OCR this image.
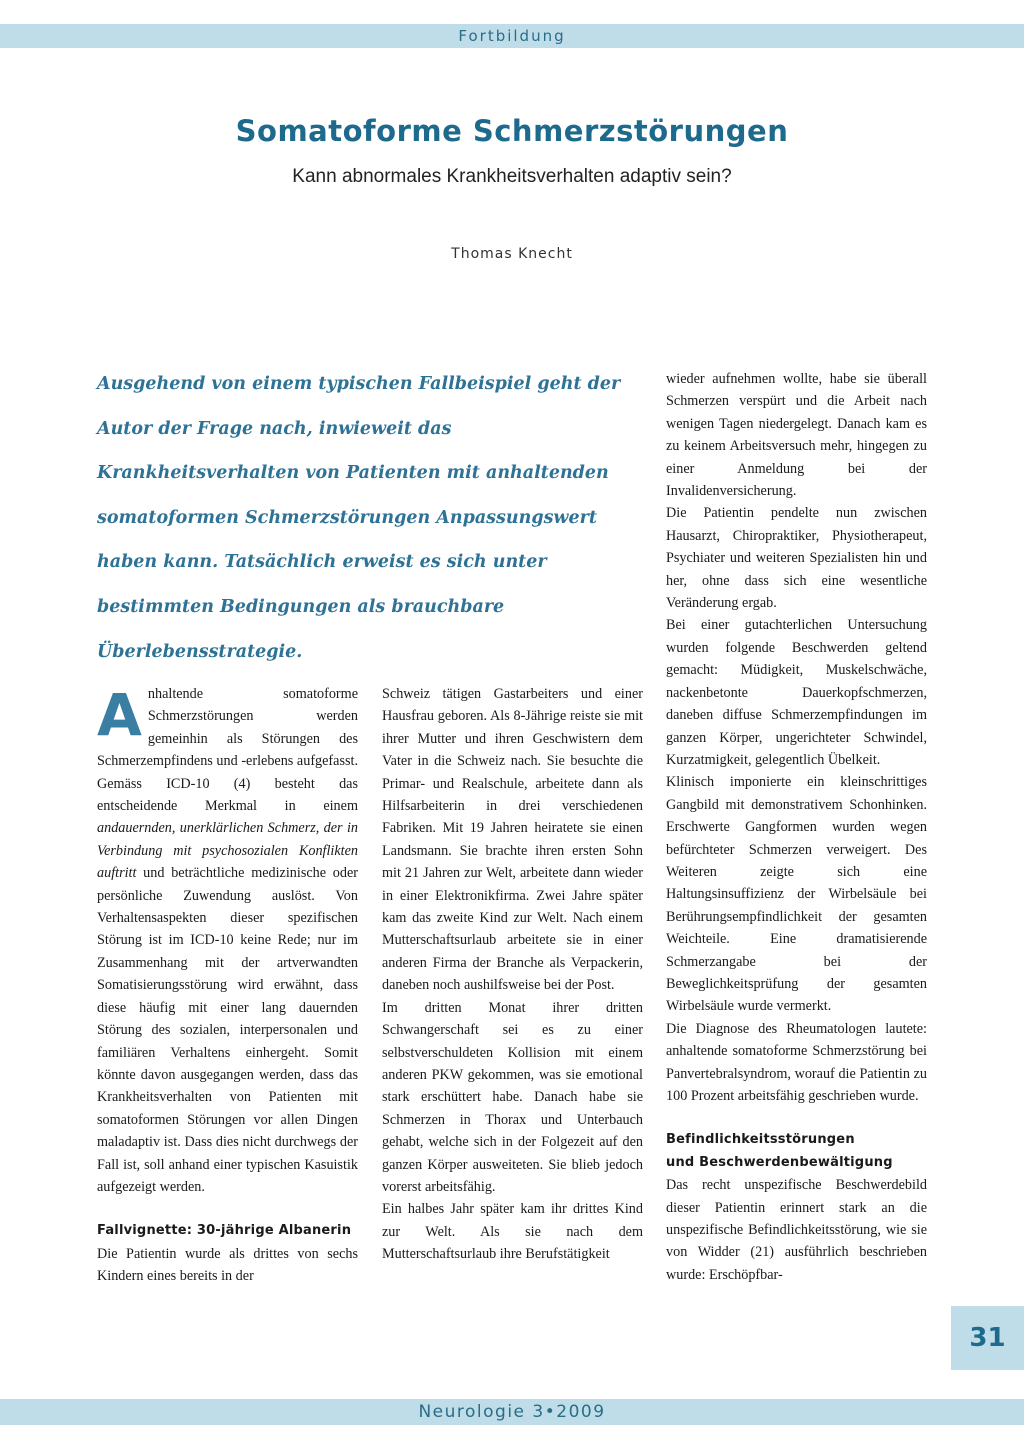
Fortbildung
Somatoforme Schmerzstörungen
Kann abnormales Krankheitsverhalten adaptiv sein?
Thomas Knecht
Ausgehend von einem typischen Fallbeispiel geht der Autor der Frage nach, inwieweit das Krankheitsverhalten von Patienten mit anhaltenden somatoformen Schmerzstörungen Anpassungswert haben kann. Tatsächlich erweist es sich unter bestimmten Bedingungen als brauchbare Überlebensstrategie.

Anhaltende somatoforme Schmerzstörungen werden gemeinhin als Störungen des Schmerzempfindens und -erlebens aufgefasst. Gemäss ICD-10 (4) besteht das entscheidende Merkmal in einem andauernden, unerklärlichen Schmerz, der in Verbindung mit psychosozialen Konflikten auftritt und beträchtliche medizinische oder persönliche Zuwendung auslöst. Von Verhaltensaspekten dieser spezifischen Störung ist im ICD-10 keine Rede; nur im Zusammenhang mit der artverwandten Somatisierungsstörung wird erwähnt, dass diese häufig mit einer lang dauernden Störung des sozialen, interpersonalen und familiären Verhaltens einhergeht. Somit könnte davon ausgegangen werden, dass das Krankheitsverhalten von Patienten mit somatoformen Störungen vor allen Dingen maladaptiv ist. Dass dies nicht durchwegs der Fall ist, soll anhand einer typischen Kasuistik aufgezeigt werden.

Fallvignette: 30-jährige Albanerin

Die Patientin wurde als drittes von sechs Kindern eines bereits in der

Schweiz tätigen Gastarbeiters und einer Hausfrau geboren. Als 8-Jährige reiste sie mit ihrer Mutter und ihren Geschwistern dem Vater in die Schweiz nach. Sie besuchte die Primar- und Realschule, arbeitete dann als Hilfsarbeiterin in drei verschiedenen Fabriken. Mit 19 Jahren heiratete sie einen Landsmann. Sie brachte ihren ersten Sohn mit 21 Jahren zur Welt, arbeitete dann wieder in einer Elektronikfirma. Zwei Jahre später kam das zweite Kind zur Welt. Nach einem Mutterschaftsurlaub arbeitete sie in einer anderen Firma der Branche als Verpackerin, daneben noch aushilfsweise bei der Post.

Im dritten Monat ihrer dritten Schwangerschaft sei es zu einer selbstverschuldeten Kollision mit einem anderen PKW gekommen, was sie emotional stark erschüttert habe. Danach habe sie Schmerzen in Thorax und Unterbauch gehabt, welche sich in der Folgezeit auf den ganzen Körper ausweiteten. Sie blieb jedoch vorerst arbeitsfähig.

Ein halbes Jahr später kam ihr drittes Kind zur Welt. Als sie nach dem Mutterschaftsurlaub ihre Berufstätigkeit

wieder aufnehmen wollte, habe sie überall Schmerzen verspürt und die Arbeit nach wenigen Tagen niedergelegt. Danach kam es zu keinem Arbeitsversuch mehr, hingegen zu einer Anmeldung bei der Invalidenversicherung.

Die Patientin pendelte nun zwischen Hausarzt, Chiropraktiker, Physiotherapeut, Psychiater und weiteren Spezialisten hin und her, ohne dass sich eine wesentliche Veränderung ergab.

Bei einer gutachterlichen Untersuchung wurden folgende Beschwerden geltend gemacht: Müdigkeit, Muskelschwäche, nackenbetonte Dauerkopfschmerzen, daneben diffuse Schmerzempfindungen im ganzen Körper, ungerichteter Schwindel, Kurzatmigkeit, gelegentlich Übelkeit.

Klinisch imponierte ein kleinschrittiges Gangbild mit demonstrativem Schonhinken. Erschwerte Gangformen wurden wegen befürchteter Schmerzen verweigert. Des Weiteren zeigte sich eine Haltungsinsuffizienz der Wirbelsäule bei Berührungsempfindlichkeit der gesamten Weichteile. Eine dramatisierende Schmerzangabe bei der Beweglichkeitsprüfung der gesamten Wirbelsäule wurde vermerkt.

Die Diagnose des Rheumatologen lautete: anhaltende somatoforme Schmerzstörung bei Panvertebralsyndrom, worauf die Patientin zu 100 Prozent arbeitsfähig geschrieben wurde.

Befindlichkeitsstörungen
und Beschwerdenbewältigung

Das recht unspezifische Beschwerdebild dieser Patientin erinnert stark an die unspezifische Befindlichkeitsstörung, wie sie von Widder (21) ausführlich beschrieben wurde: Erschöpfbar-

31
Neurologie 3•2009
